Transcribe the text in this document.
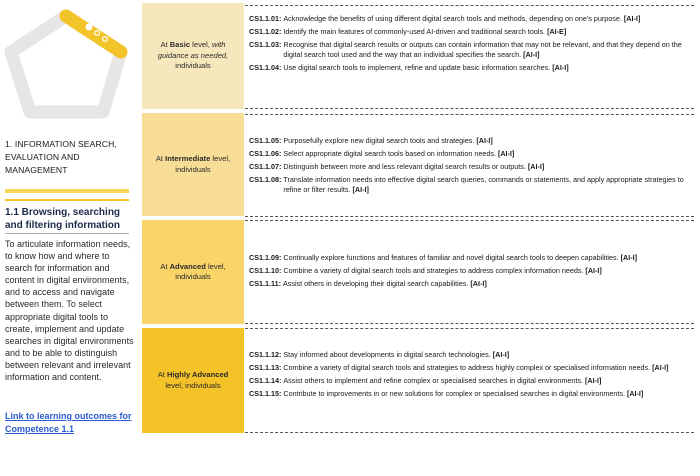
1. INFORMATION SEARCH, EVALUATION AND MANAGEMENT
1.1 Browsing, searching and filtering information
To articulate information needs, to know how and where to search for information and content in digital environments, and to access and navigate between them. To select appropriate digital tools to create, implement and update searches in digital environments and to be able to distinguish between relevant and irrelevant information and content.
Link to learning outcomes for Competence 1.1
At Basic level, with guidance as needed, individuals
At Intermediate level, individuals
At Advanced level, individuals
At Highly Advanced level, individuals
CS1.1.01: Acknowledge the benefits of using different digital search tools and methods, depending on one's purpose. [AI-I]
CS1.1.02: Identify the main features of commonly-used AI-driven and traditional search tools. [AI-E]
CS1.1.03: Recognise that digital search results or outputs can contain information that may not be relevant, and that they depend on the digital search tool used and the way that an individual specifies the search. [AI-I]
CS1.1.04: Use digital search tools to implement, refine and update basic information searches. [AI-I]
CS1.1.05: Purposefully explore new digital search tools and strategies. [AI-I]
CS1.1.06: Select appropriate digital search tools based on information needs. [AI-I]
CS1.1.07: Distinguish between more and less relevant digital search results or outputs. [AI-I]
CS1.1.08: Translate information needs into effective digital search queries, commands or statements, and apply appropriate strategies to refine or filter results. [AI-I]
CS1.1.09: Continually explore functions and features of familiar and novel digital search tools to deepen capabilities. [AI-I]
CS1.1.10: Combine a variety of digital search tools and strategies to address complex information needs. [AI-I]
CS1.1.11: Assist others in developing their digital search capabilities. [AI-I]
CS1.1.12: Stay informed about developments in digital search technologies. [AI-I]
CS1.1.13: Combine a variety of digital search tools and strategies to address highly complex or specialised information needs. [AI-I]
CS1.1.14: Assist others to implement and refine complex or specialised searches in digital environments. [AI-I]
CS1.1.15: Contribute to improvements in or new solutions for complex or specialised searches in digital environments. [AI-I]
